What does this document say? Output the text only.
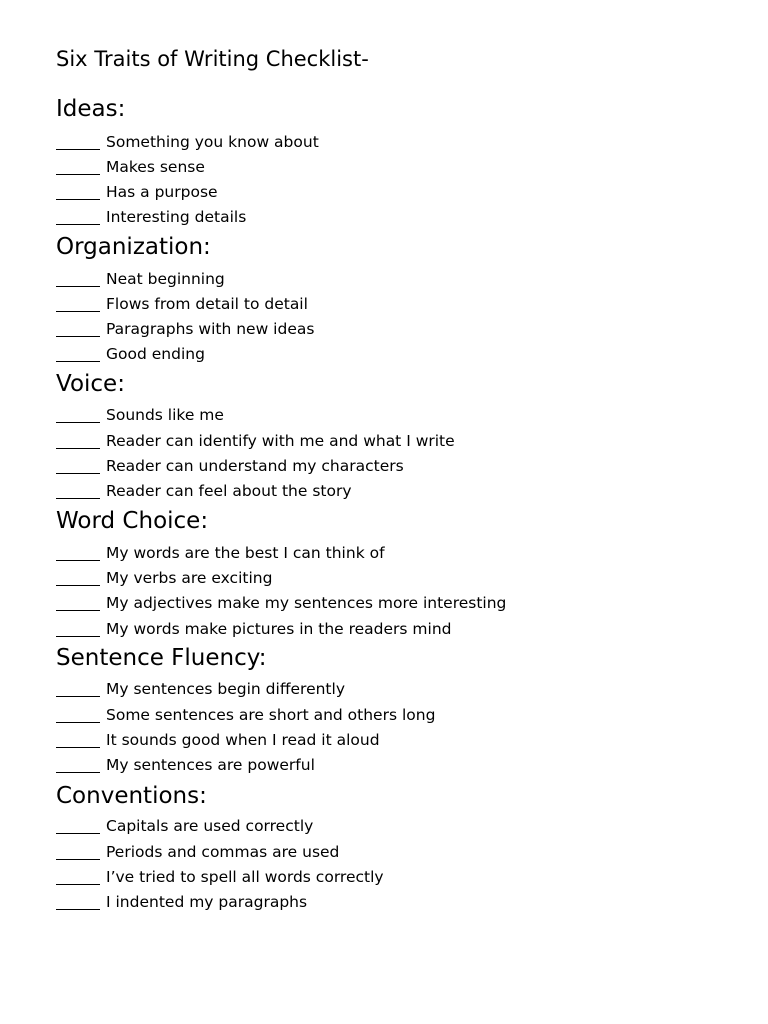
Six Traits of Writing Checklist-
Ideas:
Something you know about
Makes sense
Has a purpose
Interesting details
Organization:
Neat beginning
Flows from detail to detail
Paragraphs with new ideas
Good ending
Voice:
Sounds like me
Reader can identify with me and what I write
Reader can understand my characters
Reader can feel about the story
Word Choice:
My words are the best I can think of
My verbs are exciting
My adjectives make my sentences more interesting
My words make pictures in the readers mind
Sentence Fluency:
My sentences begin differently
Some sentences are short and others long
It sounds good when I read it aloud
My sentences are powerful
Conventions:
Capitals are used correctly
Periods and commas are used
I’ve tried to spell all words correctly
I indented my paragraphs
